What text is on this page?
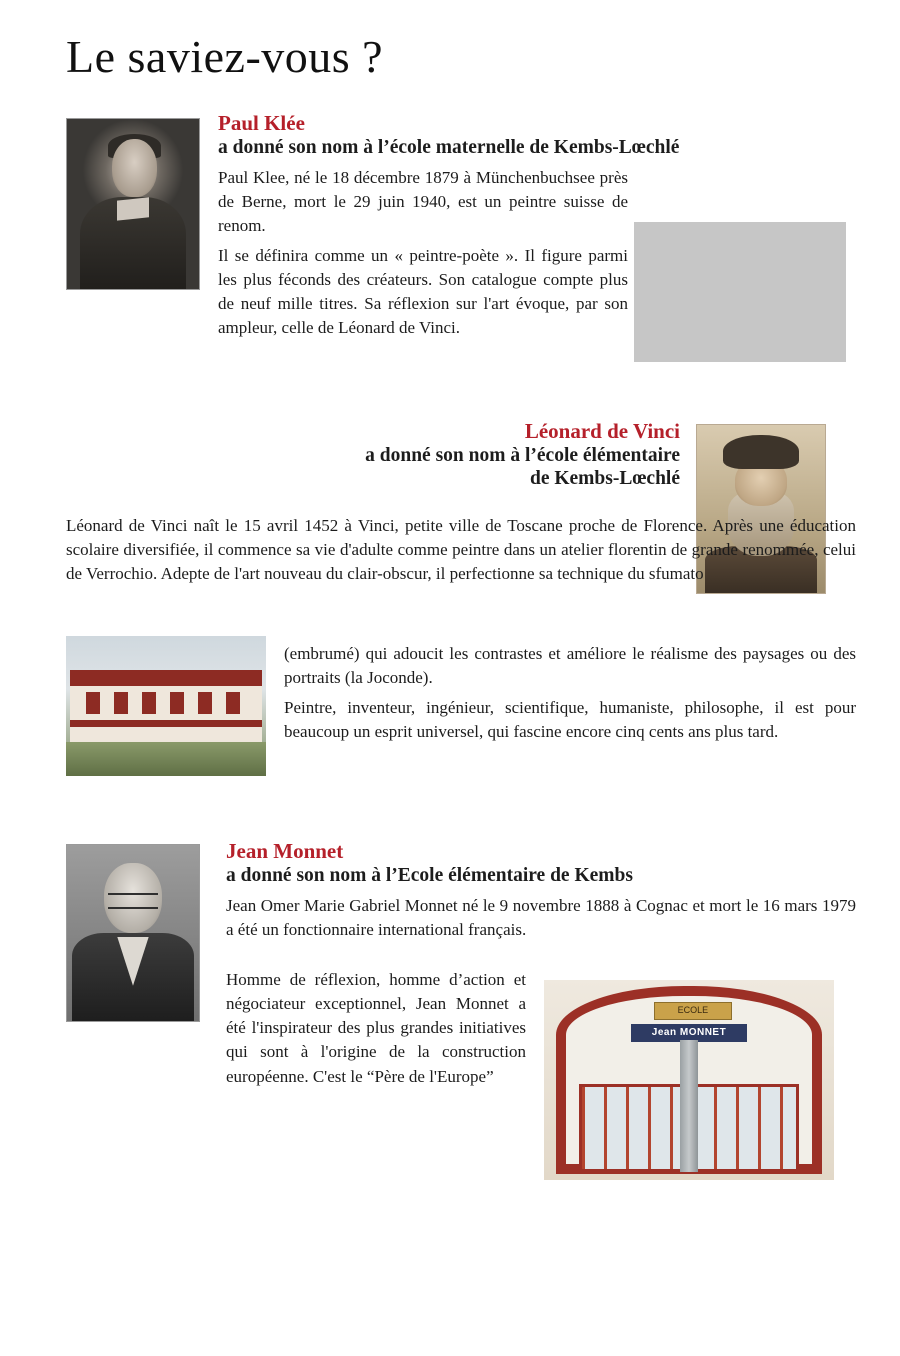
Le saviez-vous ?
Paul Klée
a donné son nom à l’école maternelle de Kembs-Lœchlé
Paul Klee, né le 18 décembre 1879 à Münchenbuchsee près de Berne, mort le 29 juin 1940, est un peintre suisse de renom.
Il se définira comme un « peintre-poète ». Il figure parmi les plus féconds des créateurs. Son catalogue compte plus de neuf mille titres. Sa réflexion sur l'art évoque, par son ampleur, celle de Léonard de Vinci.
Léonard de Vinci
a donné son nom à l’école élémentaire
de Kembs-Lœchlé
Léonard de Vinci naît le 15 avril 1452 à Vinci, petite ville de Toscane proche de Florence. Après une éducation scolaire diversifiée, il commence sa vie d'adulte comme peintre dans un atelier florentin de grande renommée, celui de Verrochio. Adepte de l'art nouveau du clair-obscur, il perfectionne sa technique du sfumato
(embrumé) qui adoucit les contrastes et améliore le réalisme des paysages ou des portraits (la Joconde).
Peintre, inventeur, ingénieur, scientifique, humaniste, philosophe, il est pour beaucoup un esprit universel, qui fascine encore cinq cents ans plus tard.
Jean Monnet
a donné son nom à l’Ecole élémentaire de Kembs
Jean Omer Marie Gabriel Monnet né le 9 novembre 1888 à Cognac et mort le 16 mars 1979 a été un fonctionnaire international français.
Homme de réflexion, homme d’action et négociateur exceptionnel, Jean Monnet a été l'inspirateur des plus grandes initiatives qui sont à l'origine de la construction européenne. C'est le “Père de l'Europe”
ECOLE
Jean MONNET
